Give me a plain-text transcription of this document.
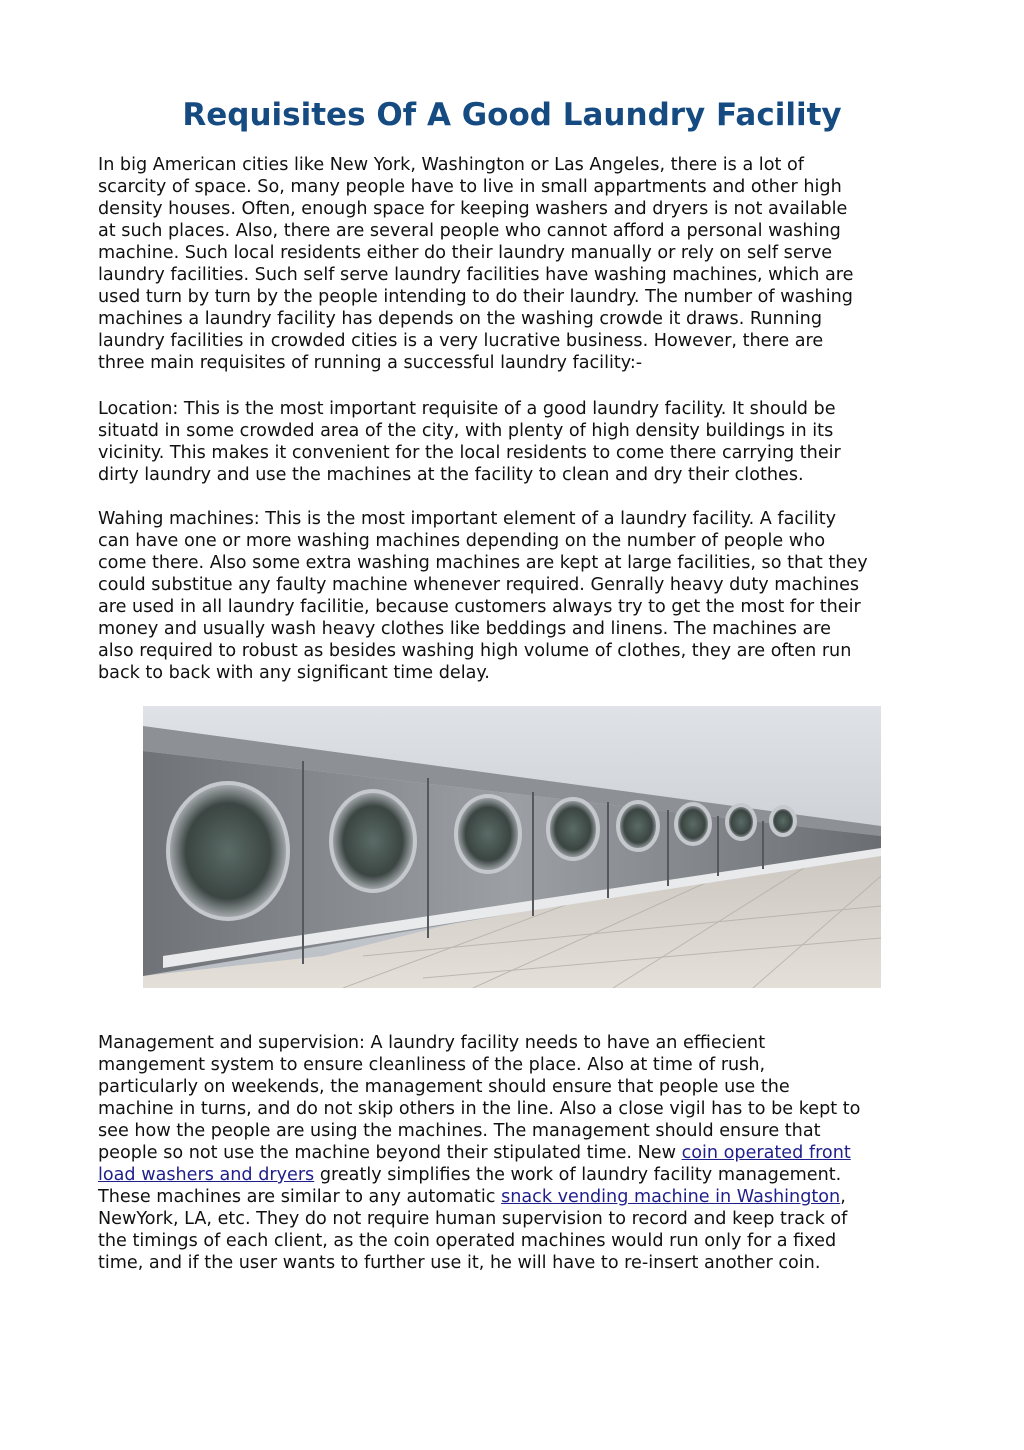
Requisites Of A Good Laundry Facility

In big American cities like New York, Washington or Las Angeles, there is a lot of
scarcity of space. So, many people have to live in small appartments and other high
density houses. Often, enough space for keeping washers and dryers is not available
at such places. Also, there are several people who cannot afford a personal washing
machine. Such local residents either do their laundry manually or rely on self serve
laundry facilities. Such self serve laundry facilities have washing machines, which are
used turn by turn by the people intending to do their laundry. The number of washing
machines a laundry facility has depends on the washing crowde it draws. Running
laundry facilities in crowded cities is a very lucrative business. However, there are
three main requisites of running a successful laundry facility:-

Location: This is the most important requisite of a good laundry facility. It should be
situatd in some crowded area of the city, with plenty of high density buildings in its
vicinity. This makes it convenient for the local residents to come there carrying their
dirty laundry and use the machines at the facility to clean and dry their clothes.

Wahing machines: This is the most important element of a laundry facility. A facility
can have one or more washing machines depending on the number of people who
come there. Also some extra washing machines are kept at large facilities, so that they
could substitue any faulty machine whenever required. Genrally heavy duty machines
are used in all laundry facilitie, because customers always try to get the most for their
money and usually wash heavy clothes like beddings and linens. The machines are
also required to robust as besides washing high volume of clothes, they are often run
back to back with any significant time delay.

Management and supervision: A laundry facility needs to have an effiecient
mangement system to ensure cleanliness of the place. Also at time of rush,
particularly on weekends, the management should ensure that people use the
machine in turns, and do not skip others in the line. Also a close vigil has to be kept to
see how the people are using the machines. The management should ensure that
people so not use the machine beyond their stipulated time. New coin operated front
load washers and dryers greatly simplifies the work of laundry facility management.
These machines are similar to any automatic snack vending machine in Washington,
NewYork, LA, etc. They do not require human supervision to record and keep track of
the timings of each client, as the coin operated machines would run only for a fixed
time, and if the user wants to further use it, he will have to re-insert another coin.
